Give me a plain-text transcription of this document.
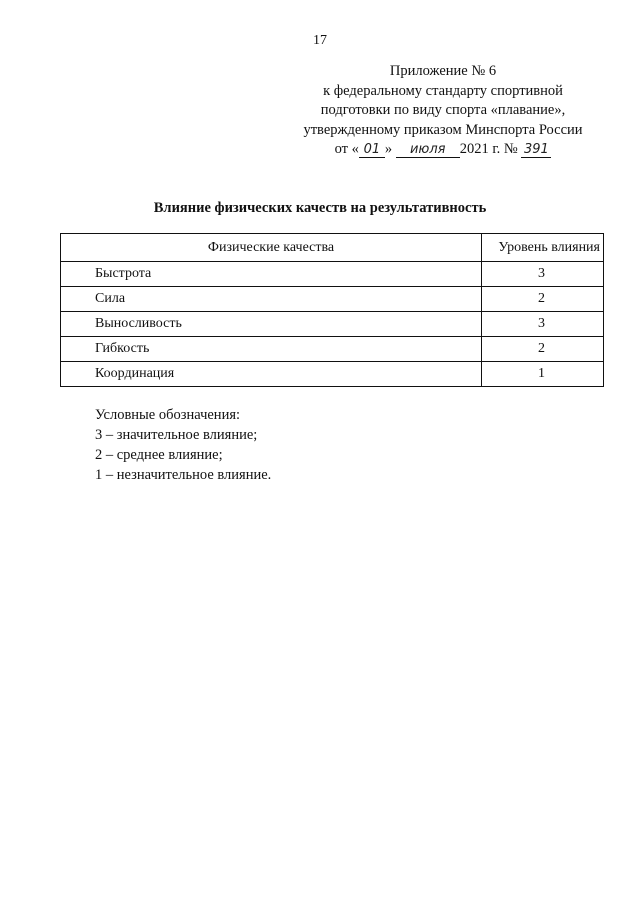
17
Приложение № 6
к федеральному стандарту спортивной
подготовки по виду спорта «плавание»,
утвержденному приказом Минспорта России
от « 01 » июля 2021 г. № 391
Влияние физических качеств на результативность
Физические качества	Уровень влияния
Быстрота	3
Сила	2
Выносливость	3
Гибкость	2
Координация	1
Условные обозначения:
3 – значительное влияние;
2 – среднее влияние;
1 – незначительное влияние.
